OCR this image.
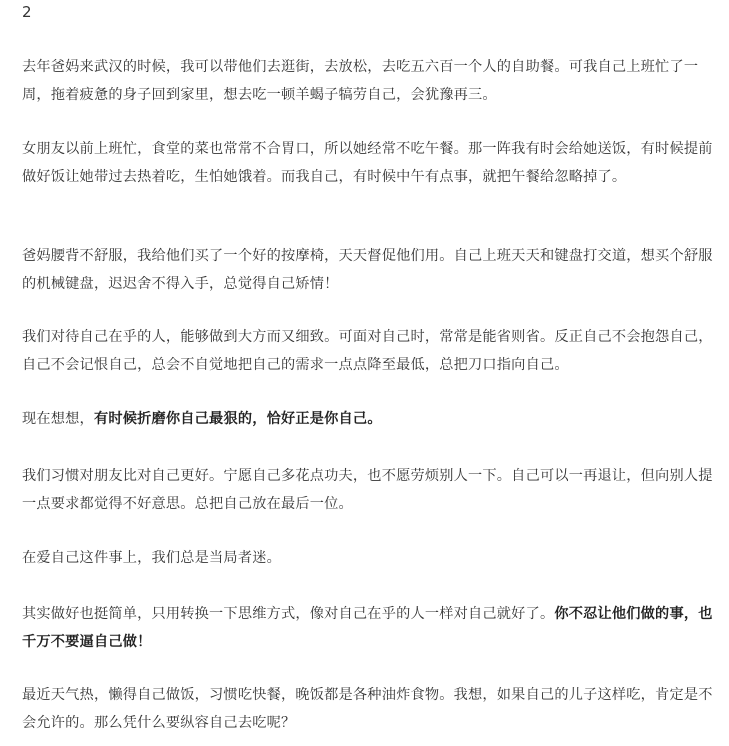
2

去年爸妈来武汉的时候，我可以带他们去逛街，去放松，去吃五六百一个人的自助餐。可我自己上班忙了一周，拖着疲惫的身子回到家里，想去吃一顿羊蝎子犒劳自己，会犹豫再三。

女朋友以前上班忙，食堂的菜也常常不合胃口，所以她经常不吃午餐。那一阵我有时会给她送饭，有时候提前做好饭让她带过去热着吃，生怕她饿着。而我自己，有时候中午有点事，就把午餐给忽略掉了。

爸妈腰背不舒服，我给他们买了一个好的按摩椅，天天督促他们用。自己上班天天和键盘打交道，想买个舒服的机械键盘，迟迟舍不得入手，总觉得自己矫情！

我们对待自己在乎的人，能够做到大方而又细致。可面对自己时，常常是能省则省。反正自己不会抱怨自己，自己不会记恨自己，总会不自觉地把自己的需求一点点降至最低，总把刀口指向自己。

现在想想，有时候折磨你自己最狠的，恰好正是你自己。

我们习惯对朋友比对自己更好。宁愿自己多花点功夫，也不愿劳烦别人一下。自己可以一再退让，但向别人提一点要求都觉得不好意思。总把自己放在最后一位。

在爱自己这件事上，我们总是当局者迷。

其实做好也挺简单，只用转换一下思维方式，像对自己在乎的人一样对自己就好了。你不忍让他们做的事，也千万不要逼自己做！

最近天气热，懒得自己做饭，习惯吃快餐，晚饭都是各种油炸食物。我想，如果自己的儿子这样吃，肯定是不会允许的。那么凭什么要纵容自己去吃呢？
